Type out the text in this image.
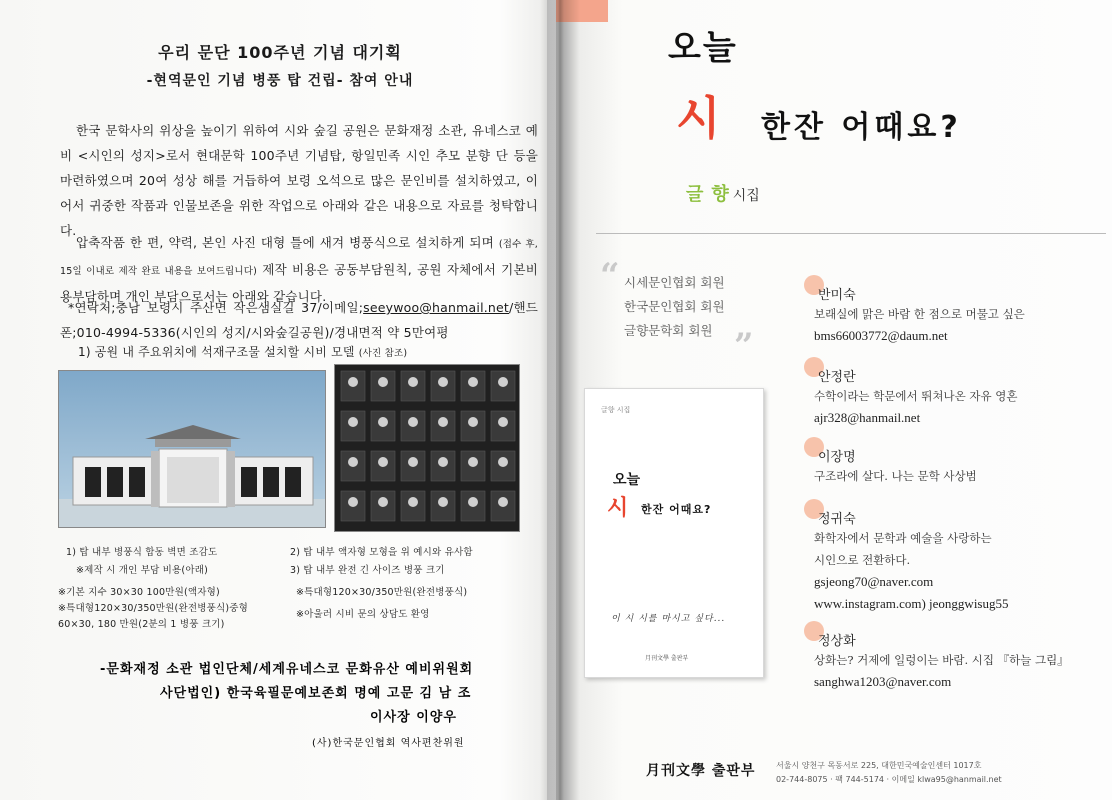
우리 문단 100주년 기념 대기획
-현역문인 기념 병풍 탑 건립- 참여 안내
한국 문학사의 위상을 높이기 위하여 시와 숲길 공원은 문화재정 소관, 유네스코 예비 <시인의 성지>로서 현대문학 100주년 기념탑, 항일민족 시인 추모 분향 단 등을 마련하였으며 20여 성상 해를 거듭하여 보령 오석으로 많은 문인비를 설치하였고, 이어서 귀중한 작품과 인물보존을 위한 작업으로 아래와 같은 내용으로 자료를 청탁합니다.
압축작품 한 편, 약력, 본인 사진 대형 틀에 새겨 병풍식으로 설치하게 되며 (접수 후, 15일 이내로 제작 완료 내용을 보여드립니다) 제작 비용은 공동부담원칙, 공원 자체에서 기본비용부담하며 개인 부담으로서는 아래와 같습니다.
*연락처;충남 보령시 주산면 작은샘실길 37/이메일;seeywoo@hanmail.net/핸드폰;010-4994-5336(시인의 성지/시와숲길공원)/경내면적 약 5만여평
1) 공원 내 주요위치에 석재구조물 설치할 시비 모델 (사진 참조)
1) 탑 내부 병풍식 합동 벽면 조감도
※제작 시 개인 부담 비용(아래)
2) 탑 내부 액자형 모형을 위 예시와 유사함
3) 탑 내부 완전 긴 사이즈 병풍 크기
※기본 지수 30×30 100만원(액자형)
※특대형120×30/350만원(완전병풍식)중형
60×30, 180 만원(2분의 1 병풍 크기)
※특대형120×30/350만원(완전병풍식)
※아울러 시비 문의 상담도 환영
-문화재정 소관 법인단체/세계유네스코 문화유산 예비위원회
사단법인) 한국육필문예보존회 명예 고문 김 남 조
이사장 이양우
(사)한국문인협회 역사편찬위원
오늘
시 한잔 어때요?
글 향 시집
“ 시세문인협회 회원
한국문인협회 회원
글향문학회 회원 ”
글향 시집
오늘
시 한잔 어때요?
이 시 시를 마시고 싶다...
月刊文學 출판부
반미숙
보래실에 맑은 바람 한 점으로 머물고 싶은
bms66003772@daum.net
안정란
수학이라는 학문에서 뛰쳐나온 자유 영혼
ajr328@hanmail.net
이장명
구조라에 살다. 나는 문학 사상범
정귀숙
화학자에서 문학과 예술을 사랑하는
시인으로 전환하다.
gsjeong70@naver.com
www.instagram.com) jeonggwisug55
정상화
상화는? 거제에 일렁이는 바람. 시집 『하늘 그림』
sanghwa1203@naver.com
月刊文學 출판부	서울시 양천구 목동서로 225, 대한민국예술인센터 1017호
02-744-8075 · 팩 744-5174 · 이메일 klwa95@hanmail.net
